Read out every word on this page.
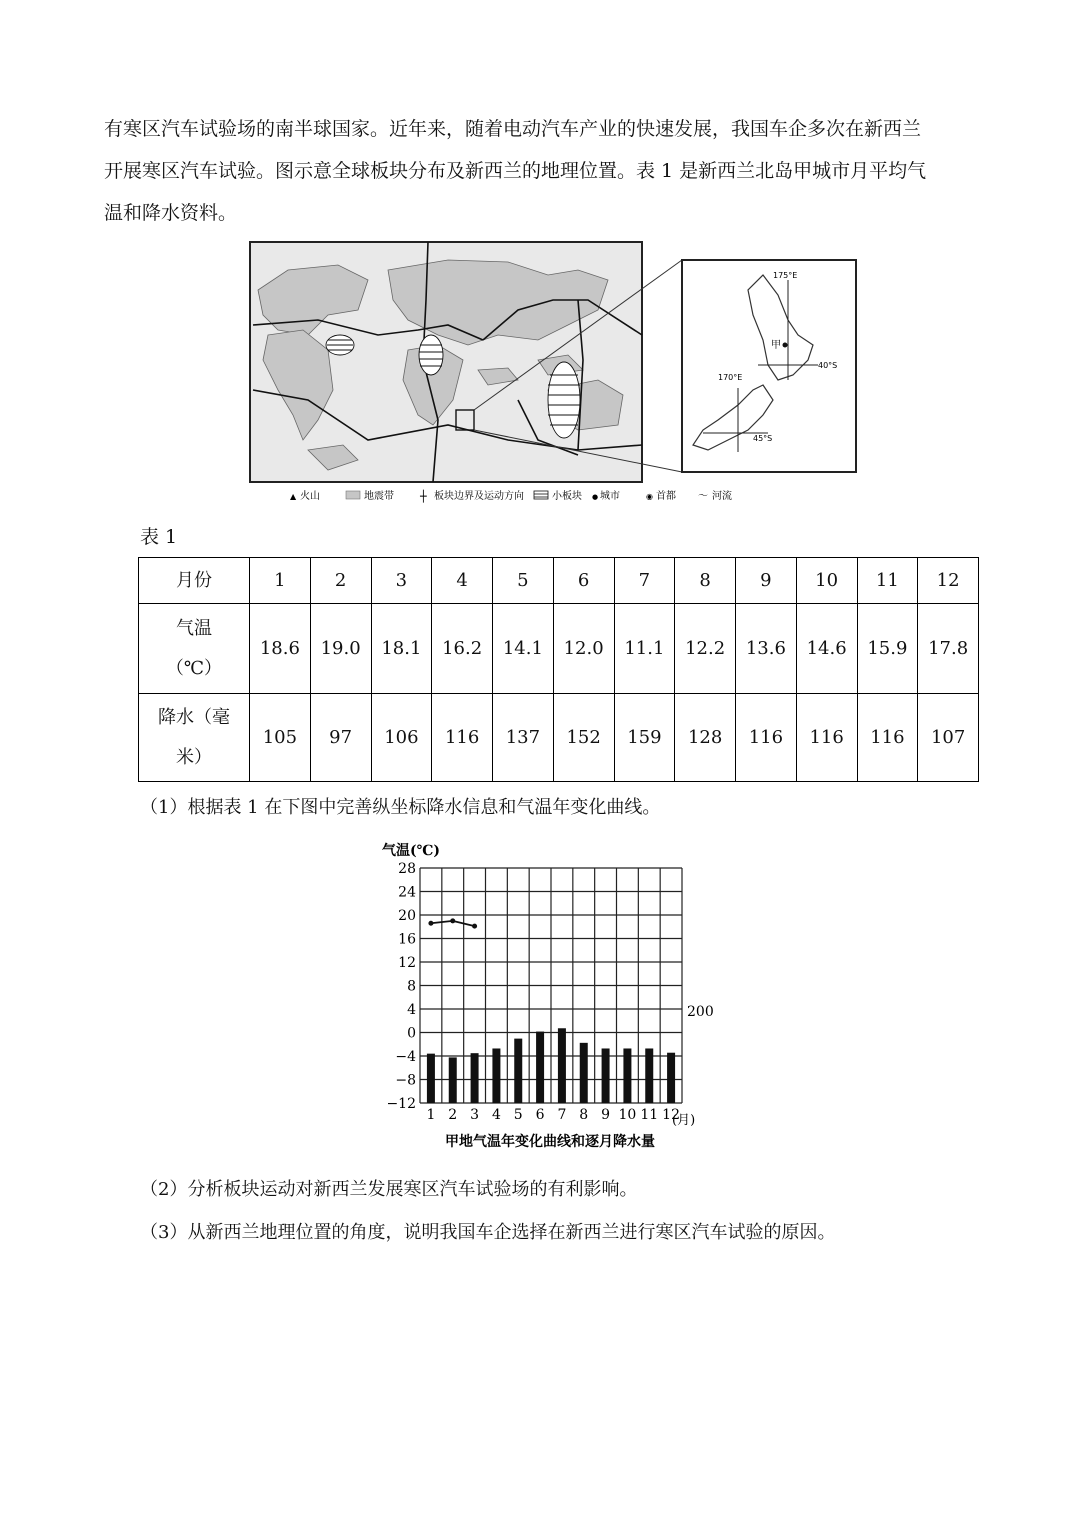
有寒区汽车试验场的南半球国家。近年来，随着电动汽车产业的快速发展，我国车企多次在新西兰

开展寒区汽车试验。图示意全球板块分布及新西兰的地理位置。表 1 是新西兰北岛甲城市月平均气

温和降水资料。

甲
175°E
40°S
170°E
45°S
▲ 火山	地震带 ┼ 板块边界及运动方向	小板块 ● 城市	◉ 首都 〜 河流
表 1
月份	1	2	3	4	5	6	7	8	9	10	11	12

气温
（℃）	18.6	19.0	18.1	16.2	14.1	12.0	11.1	12.2	13.6	14.6	15.9	17.8

降水（毫
米）	105	97	106	116	137	152	159	128	116	116	116	107
（1）根据表 1 在下图中完善纵坐标降水信息和气温年变化曲线。
气温(℃)
28
24
20
16
12
8
4
0
−4
−8
−12
1 2 3 4 5 6 7 8 9 10 11 12
200
(月)
甲地气温年变化曲线和逐月降水量
（2）分析板块运动对新西兰发展寒区汽车试验场的有利影响。
（3）从新西兰地理位置的角度，说明我国车企选择在新西兰进行寒区汽车试验的原因。
